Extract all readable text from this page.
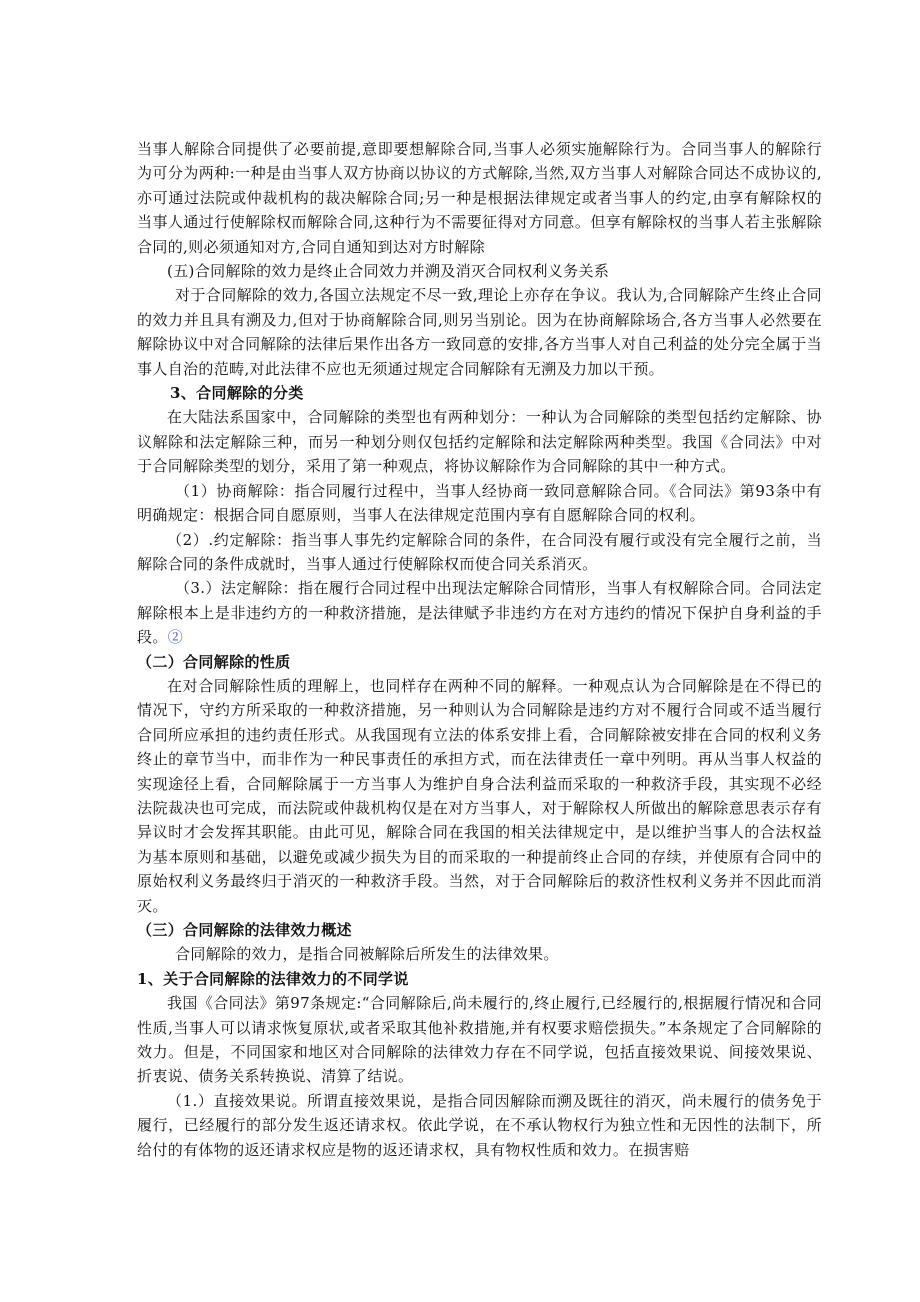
当事人解除合同提供了必要前提,意即要想解除合同,当事人必须实施解除行为。合同当事人的解除行为可分为两种:一种是由当事人双方协商以协议的方式解除,当然,双方当事人对解除合同达不成协议的,亦可通过法院或仲裁机构的裁决解除合同;另一种是根据法律规定或者当事人的约定,由享有解除权的当事人通过行使解除权而解除合同,这种行为不需要征得对方同意。但享有解除权的当事人若主张解除合同的,则必须通知对方,合同自通知到达对方时解除

(五)合同解除的效力是终止合同效力并溯及消灭合同权利义务关系

对于合同解除的效力,各国立法规定不尽一致,理论上亦存在争议。我认为,合同解除产生终止合同的效力并且具有溯及力,但对于协商解除合同,则另当别论。因为在协商解除场合,各方当事人必然要在解除协议中对合同解除的法律后果作出各方一致同意的安排,各方当事人对自己利益的处分完全属于当事人自治的范畴,对此法律不应也无须通过规定合同解除有无溯及力加以干预。

3、合同解除的分类

在大陆法系国家中，合同解除的类型也有两种划分：一种认为合同解除的类型包括约定解除、协议解除和法定解除三种，而另一种划分则仅包括约定解除和法定解除两种类型。我国《合同法》中对于合同解除类型的划分，采用了第一种观点，将协议解除作为合同解除的其中一种方式。

（1）协商解除：指合同履行过程中，当事人经协商一致同意解除合同。《合同法》第93条中有明确规定：根据合同自愿原则，当事人在法律规定范围内享有自愿解除合同的权利。

（2）.约定解除：指当事人事先约定解除合同的条件，在合同没有履行或没有完全履行之前，当解除合同的条件成就时，当事人通过行使解除权而使合同关系消灭。

（3.）法定解除：指在履行合同过程中出现法定解除合同情形，当事人有权解除合同。合同法定解除根本上是非违约方的一种救济措施，是法律赋予非违约方在对方违约的情况下保护自身利益的手段。②

（二）合同解除的性质

在对合同解除性质的理解上，也同样存在两种不同的解释。一种观点认为合同解除是在不得已的情况下，守约方所采取的一种救济措施，另一种则认为合同解除是违约方对不履行合同或不适当履行合同所应承担的违约责任形式。从我国现有立法的体系安排上看，合同解除被安排在合同的权利义务终止的章节当中，而非作为一种民事责任的承担方式，而在法律责任一章中列明。再从当事人权益的实现途径上看，合同解除属于一方当事人为维护自身合法利益而采取的一种救济手段，其实现不必经法院裁决也可完成，而法院或仲裁机构仅是在对方当事人，对于解除权人所做出的解除意思表示存有异议时才会发挥其职能。由此可见，解除合同在我国的相关法律规定中，是以维护当事人的合法权益为基本原则和基础，以避免或减少损失为目的而采取的一种提前终止合同的存续，并使原有合同中的原始权利义务最终归于消灭的一种救济手段。当然，对于合同解除后的救济性权利义务并不因此而消灭。

（三）合同解除的法律效力概述

合同解除的效力，是指合同被解除后所发生的法律效果。

1、关于合同解除的法律效力的不同学说

我国《合同法》第97条规定:“合同解除后,尚未履行的,终止履行,已经履行的,根据履行情况和合同性质,当事人可以请求恢复原状,或者采取其他补救措施,并有权要求赔偿损失。”本条规定了合同解除的效力。但是，不同国家和地区对合同解除的法律效力存在不同学说，包括直接效果说、间接效果说、折衷说、债务关系转换说、清算了结说。

（1.）直接效果说。所谓直接效果说，是指合同因解除而溯及既往的消灭，尚未履行的债务免于履行，已经履行的部分发生返还请求权。依此学说，在不承认物权行为独立性和无因性的法制下，所给付的有体物的返还请求权应是物的返还请求权，具有物权性质和效力。在损害赔
